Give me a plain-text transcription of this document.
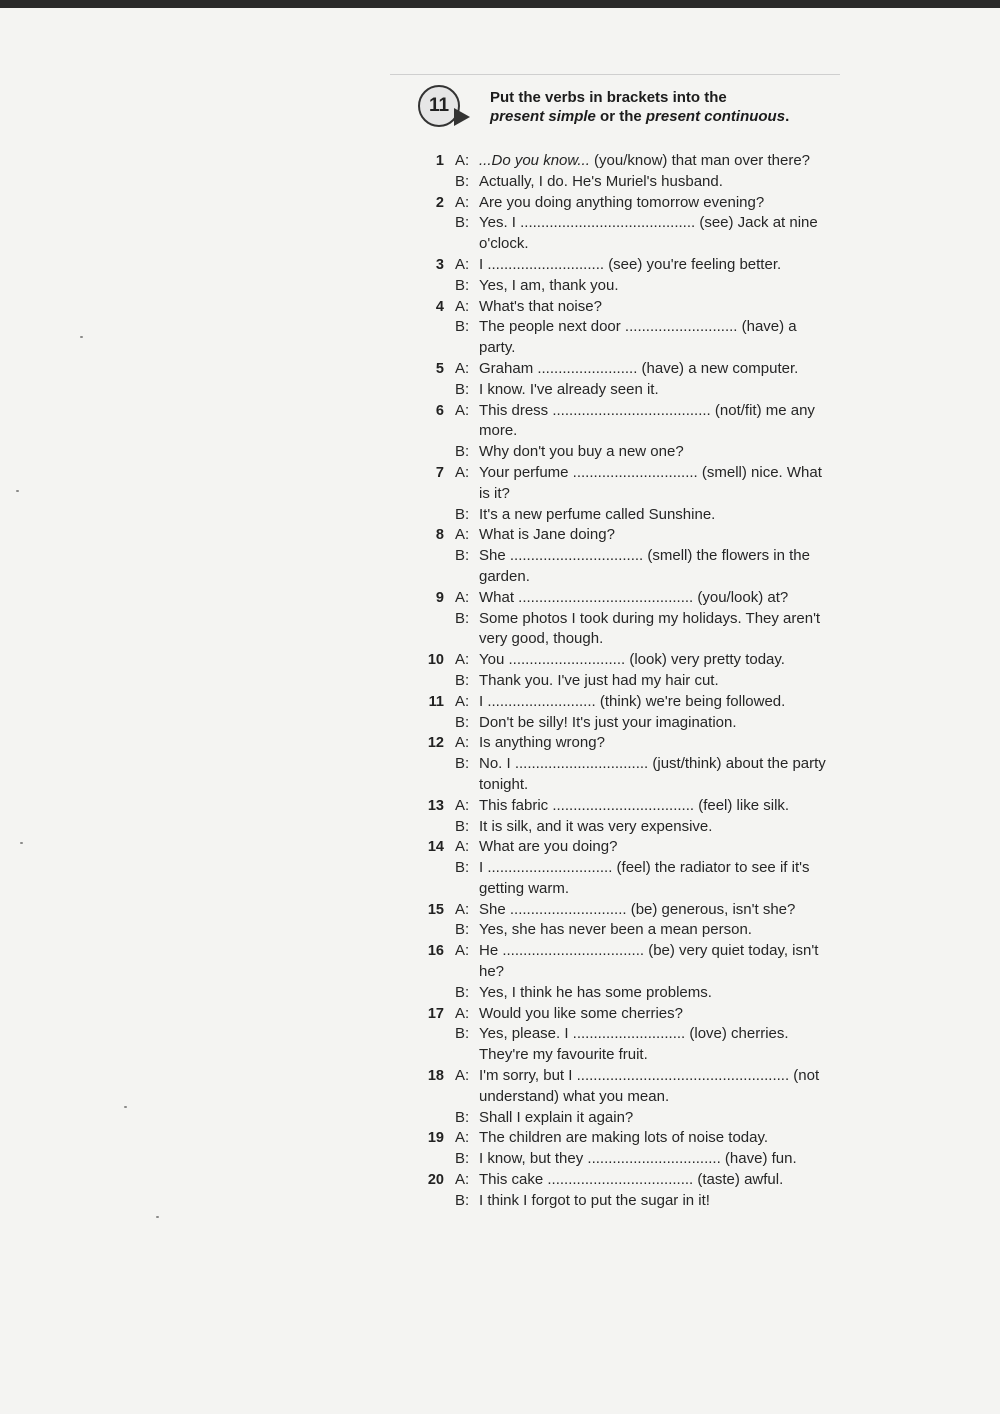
11	Put the verbs in brackets into the
present simple or the present continuous.
1 A: ...Do you know... (you/know) that man over there?
B: Actually, I do. He's Muriel's husband.
2 A: Are you doing anything tomorrow evening?
B: Yes. I .......................................... (see) Jack at nine o'clock.
3 A: I ............................ (see) you're feeling better.
B: Yes, I am, thank you.
4 A: What's that noise?
B: The people next door ........................... (have) a party.
5 A: Graham ........................ (have) a new computer.
B: I know. I've already seen it.
6 A: This dress ...................................... (not/fit) me any more.
B: Why don't you buy a new one?
7 A: Your perfume .............................. (smell) nice. What is it?
B: It's a new perfume called Sunshine.
8 A: What is Jane doing?
B: She ................................ (smell) the flowers in the garden.
9 A: What .......................................... (you/look) at?
B: Some photos I took during my holidays. They aren't very good, though.
10 A: You ............................ (look) very pretty today.
B: Thank you. I've just had my hair cut.
11 A: I .......................... (think) we're being followed.
B: Don't be silly! It's just your imagination.
12 A: Is anything wrong?
B: No. I ................................ (just/think) about the party tonight.
13 A: This fabric .................................. (feel) like silk.
B: It is silk, and it was very expensive.
14 A: What are you doing?
B: I .............................. (feel) the radiator to see if it's getting warm.
15 A: She ............................ (be) generous, isn't she?
B: Yes, she has never been a mean person.
16 A: He .................................. (be) very quiet today, isn't he?
B: Yes, I think he has some problems.
17 A: Would you like some cherries?
B: Yes, please. I ........................... (love) cherries. They're my favourite fruit.
18 A: I'm sorry, but I ................................................... (not understand) what you mean.
B: Shall I explain it again?
19 A: The children are making lots of noise today.
B: I know, but they ................................ (have) fun.
20 A: This cake ................................... (taste) awful.
B: I think I forgot to put the sugar in it!
